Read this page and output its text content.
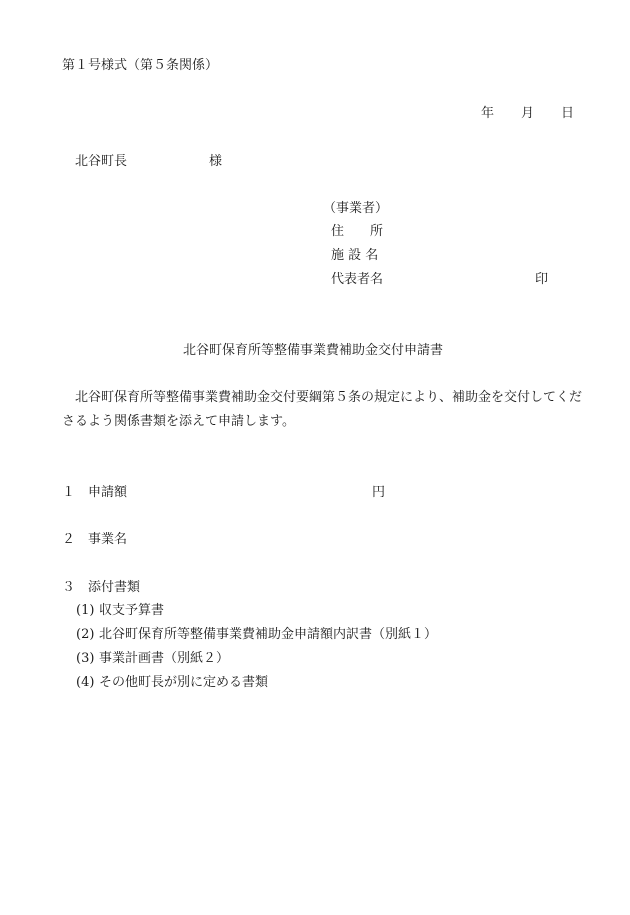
第１号様式（第５条関係）
年 月 日
北谷町長	様
（事業者）
住　　所
施 設 名
代表者名	印
北谷町保育所等整備事業費補助金交付申請書
北谷町保育所等整備事業費補助金交付要綱第５条の規定により、補助金を交付してくださるよう関係書類を添えて申請します。
１ 申請額	円
２ 事業名
３ 添付書類
(1) 収支予算書
(2) 北谷町保育所等整備事業費補助金申請額内訳書（別紙１）
(3) 事業計画書（別紙２）
(4) その他町長が別に定める書類
